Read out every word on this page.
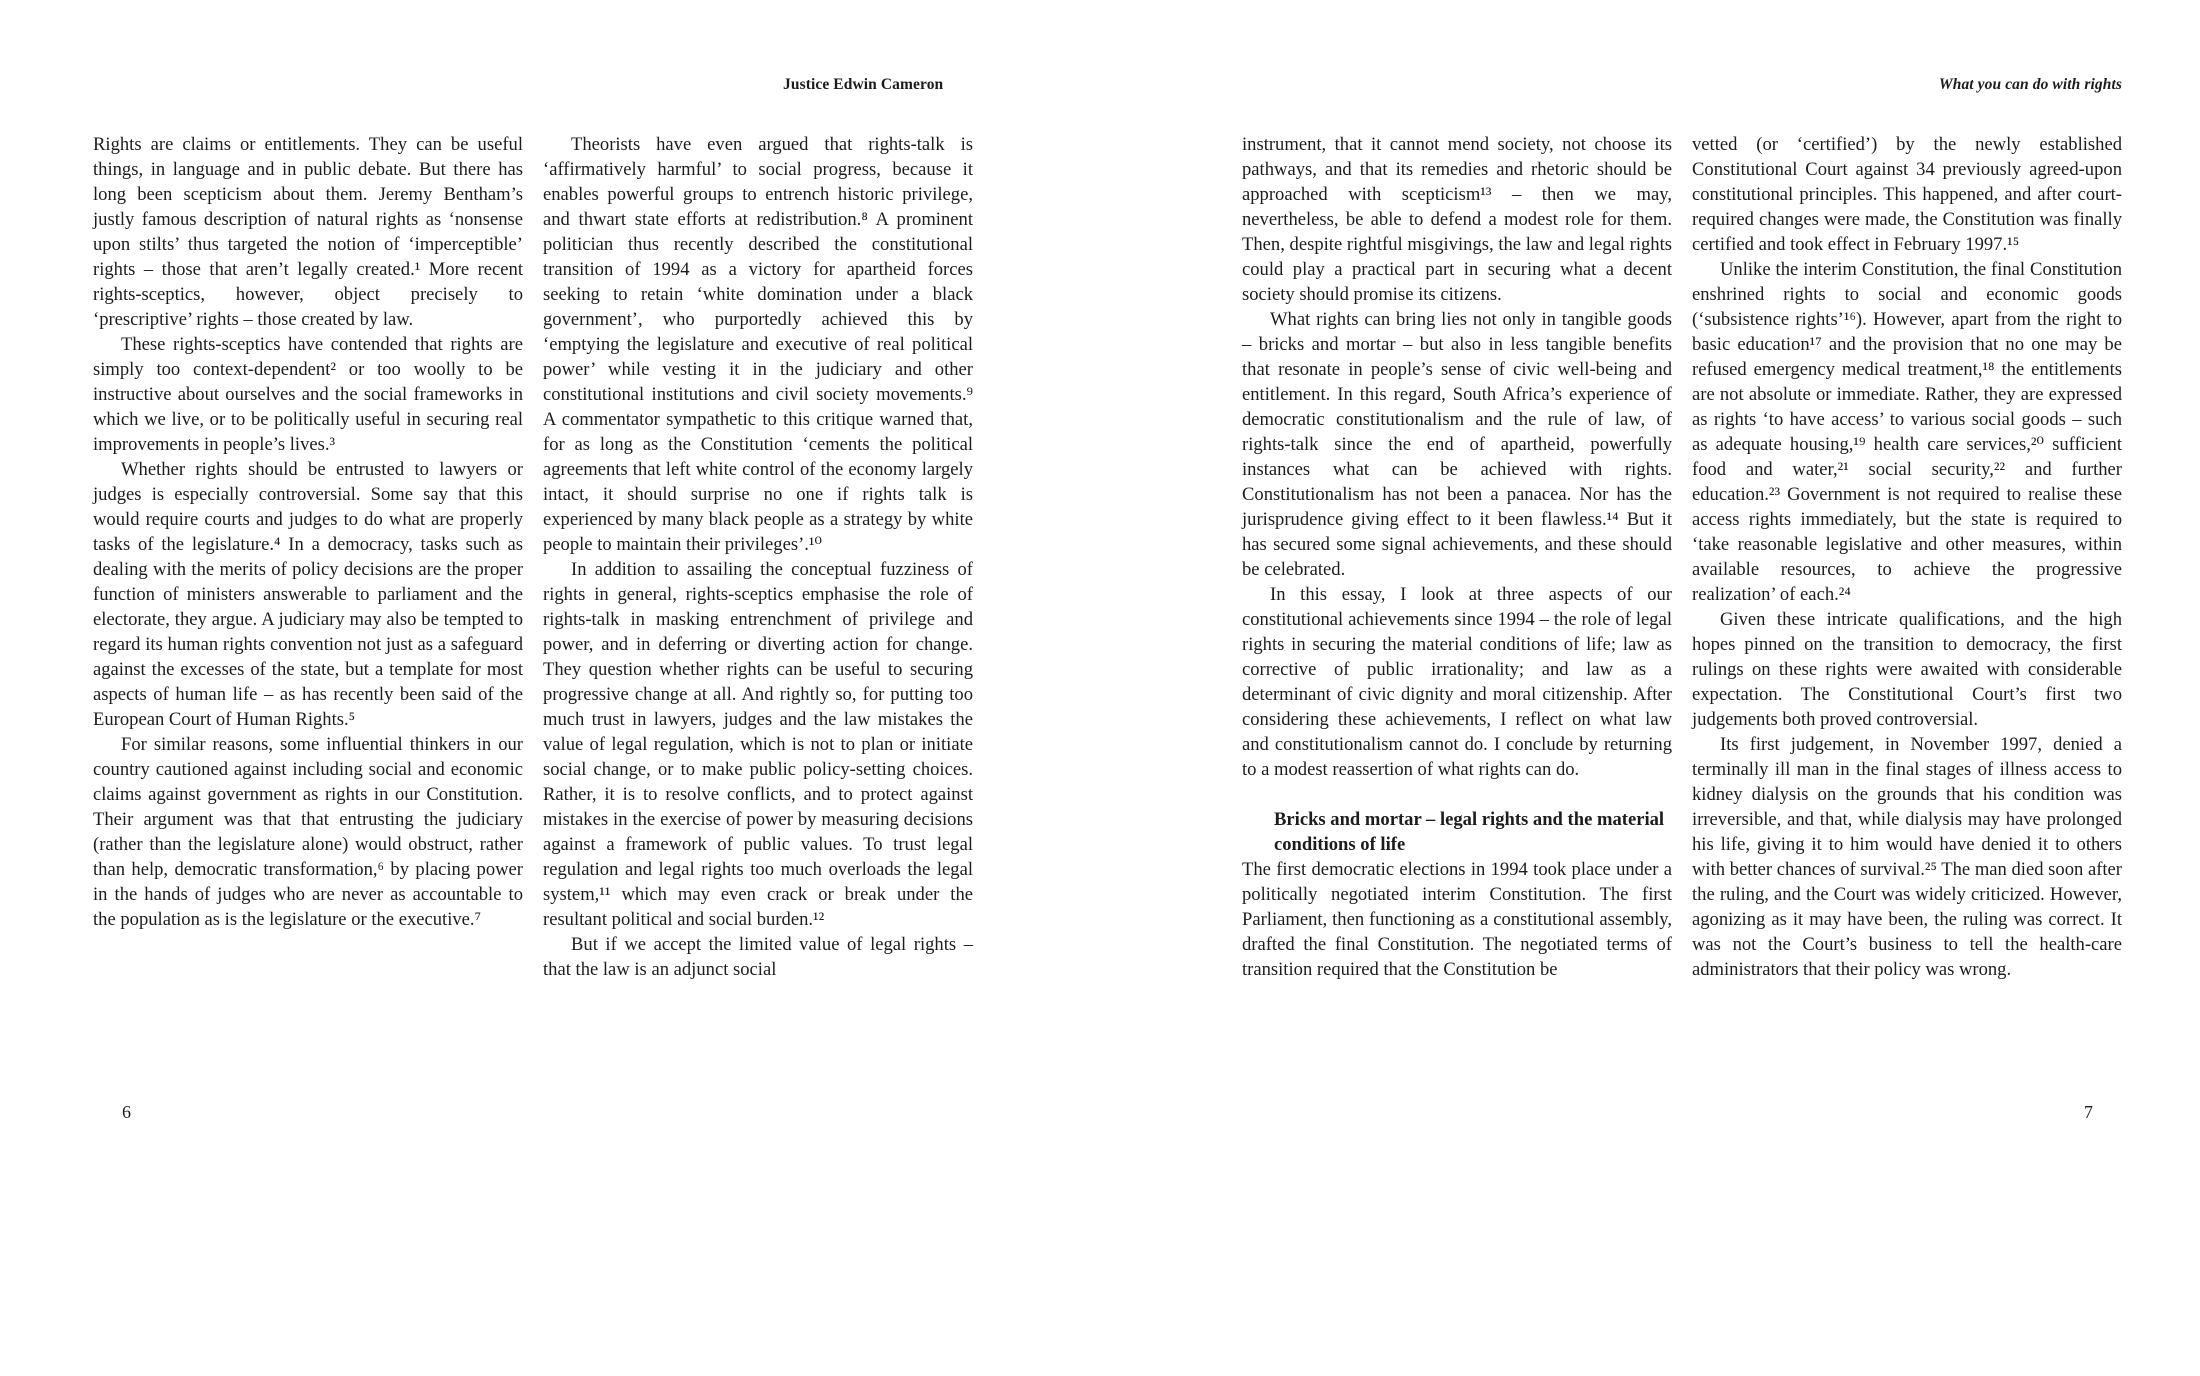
Justice Edwin Cameron

Rights are claims or entitlements. They can be useful things, in language and in public debate. But there has long been scepticism about them. Jeremy Bentham’s justly famous description of natural rights as ‘nonsense upon stilts’ thus targeted the notion of ‘imperceptible’ rights – those that aren’t legally created.¹ More recent rights-sceptics, however, object precisely to ‘prescriptive’ rights – those created by law.

These rights-sceptics have contended that rights are simply too context-dependent² or too woolly to be instructive about ourselves and the social frameworks in which we live, or to be politically useful in securing real improvements in people’s lives.³

Whether rights should be entrusted to lawyers or judges is especially controversial. Some say that this would require courts and judges to do what are properly tasks of the legislature.⁴ In a democracy, tasks such as dealing with the merits of policy decisions are the proper function of ministers answerable to parliament and the electorate, they argue. A judiciary may also be tempted to regard its human rights convention not just as a safeguard against the excesses of the state, but a template for most aspects of human life – as has recently been said of the European Court of Human Rights.⁵

For similar reasons, some influential thinkers in our country cautioned against including social and economic claims against government as rights in our Constitution. Their argument was that that entrusting the judiciary (rather than the legislature alone) would obstruct, rather than help, democratic transformation,⁶ by placing power in the hands of judges who are never as accountable to the population as is the legislature or the executive.⁷

Theorists have even argued that rights-talk is ‘affirmatively harmful’ to social progress, because it enables powerful groups to entrench historic privilege, and thwart state efforts at redistribution.⁸ A prominent politician thus recently described the constitutional transition of 1994 as a victory for apartheid forces seeking to retain ‘white domination under a black government’, who purportedly achieved this by ‘emptying the legislature and executive of real political power’ while vesting it in the judiciary and other constitutional institutions and civil society movements.⁹ A commentator sympathetic to this critique warned that, for as long as the Constitution ‘cements the political agreements that left white control of the economy largely intact, it should surprise no one if rights talk is experienced by many black people as a strategy by white people to maintain their privileges’.¹⁰

In addition to assailing the conceptual fuzziness of rights in general, rights-sceptics emphasise the role of rights-talk in masking entrenchment of privilege and power, and in deferring or diverting action for change. They question whether rights can be useful to securing progressive change at all. And rightly so, for putting too much trust in lawyers, judges and the law mistakes the value of legal regulation, which is not to plan or initiate social change, or to make public policy-setting choices. Rather, it is to resolve conflicts, and to protect against mistakes in the exercise of power by measuring decisions against a framework of public values. To trust legal regulation and legal rights too much overloads the legal system,¹¹ which may even crack or break under the resultant political and social burden.¹²

But if we accept the limited value of legal rights – that the law is an adjunct social

6
What you can do with rights

instrument, that it cannot mend society, not choose its pathways, and that its remedies and rhetoric should be approached with scepticism¹³ – then we may, nevertheless, be able to defend a modest role for them. Then, despite rightful misgivings, the law and legal rights could play a practical part in securing what a decent society should promise its citizens.

What rights can bring lies not only in tangible goods – bricks and mortar – but also in less tangible benefits that resonate in people’s sense of civic well-being and entitlement. In this regard, South Africa’s experience of democratic constitutionalism and the rule of law, of rights-talk since the end of apartheid, powerfully instances what can be achieved with rights. Constitutionalism has not been a panacea. Nor has the jurisprudence giving effect to it been flawless.¹⁴ But it has secured some signal achievements, and these should be celebrated.

In this essay, I look at three aspects of our constitutional achievements since 1994 – the role of legal rights in securing the material conditions of life; law as corrective of public irrationality; and law as a determinant of civic dignity and moral citizenship. After considering these achievements, I reflect on what law and constitutionalism cannot do. I conclude by returning to a modest reassertion of what rights can do.

Bricks and mortar – legal rights and the material conditions of life

The first democratic elections in 1994 took place under a politically negotiated interim Constitution. The first Parliament, then functioning as a constitutional assembly, drafted the final Constitution. The negotiated terms of transition required that the Constitution be

vetted (or ‘certified’) by the newly established Constitutional Court against 34 previously agreed-upon constitutional principles. This happened, and after court-required changes were made, the Constitution was finally certified and took effect in February 1997.¹⁵

Unlike the interim Constitution, the final Constitution enshrined rights to social and economic goods (‘subsistence rights’¹⁶). However, apart from the right to basic education¹⁷ and the provision that no one may be refused emergency medical treatment,¹⁸ the entitlements are not absolute or immediate. Rather, they are expressed as rights ‘to have access’ to various social goods – such as adequate housing,¹⁹ health care services,²⁰ sufficient food and water,²¹ social security,²² and further education.²³ Government is not required to realise these access rights immediately, but the state is required to ‘take reasonable legislative and other measures, within available resources, to achieve the progressive realization’ of each.²⁴

Given these intricate qualifications, and the high hopes pinned on the transition to democracy, the first rulings on these rights were awaited with considerable expectation. The Constitutional Court’s first two judgements both proved controversial.

Its first judgement, in November 1997, denied a terminally ill man in the final stages of illness access to kidney dialysis on the grounds that his condition was irreversible, and that, while dialysis may have prolonged his life, giving it to him would have denied it to others with better chances of survival.²⁵ The man died soon after the ruling, and the Court was widely criticized. However, agonizing as it may have been, the ruling was correct. It was not the Court’s business to tell the health-care administrators that their policy was wrong.

7
